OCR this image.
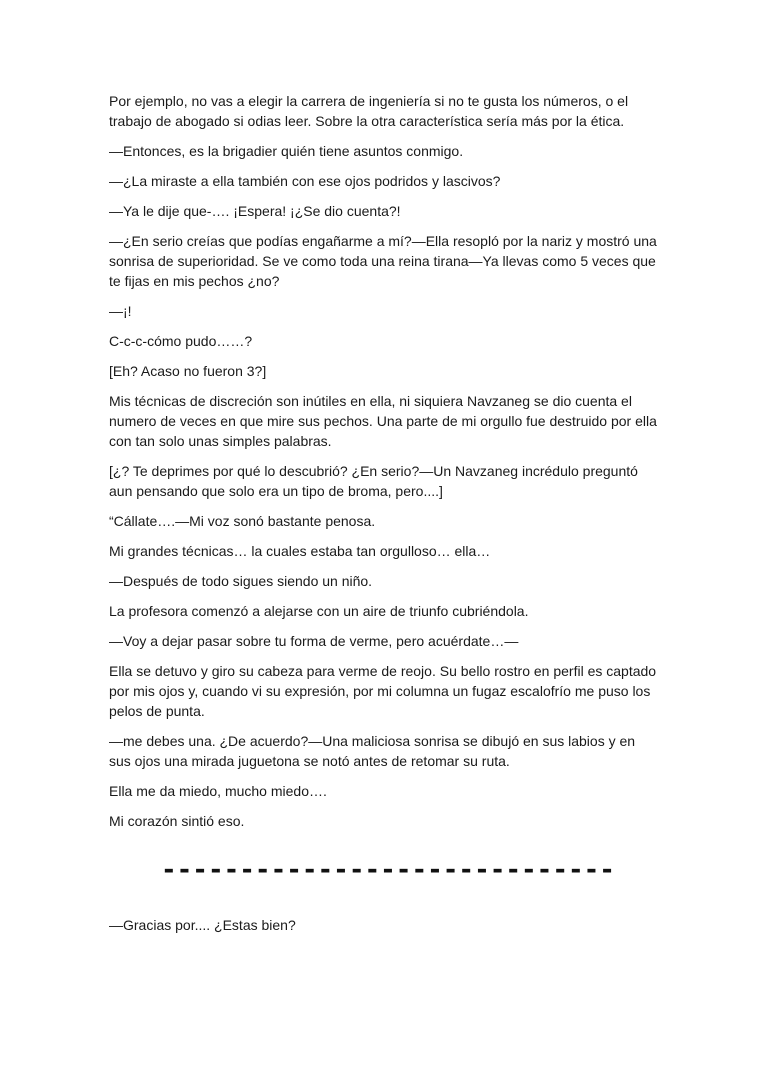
Por ejemplo, no vas a elegir la carrera de ingeniería si no te gusta los números, o el trabajo de abogado si odias leer. Sobre la otra característica sería más por la ética.

—Entonces, es la brigadier quién tiene asuntos conmigo.

—¿La miraste a ella también con ese ojos podridos y lascivos?

—Ya le dije que-…. ¡Espera! ¡¿Se dio cuenta?!

—¿En serio creías que podías engañarme a mí?—Ella resopló por la nariz y mostró una sonrisa de superioridad. Se ve como toda una reina tirana—Ya llevas como 5 veces que te fijas en mis pechos ¿no?

—¡!

C-c-c-cómo pudo……?

[Eh? Acaso no fueron 3?]

Mis técnicas de discreción son inútiles en ella, ni siquiera Navzaneg se dio cuenta el numero de veces en que mire sus pechos. Una parte de mi orgullo fue destruido por ella con tan solo unas simples palabras.

[¿? Te deprimes por qué lo descubrió? ¿En serio?—Un Navzaneg incrédulo preguntó aun pensando que solo era un tipo de broma, pero....]

“Cállate….—Mi voz sonó bastante penosa.

Mi grandes técnicas… la cuales estaba tan orgulloso… ella…

—Después de todo sigues siendo un niño.

La profesora comenzó a alejarse con un aire de triunfo cubriéndola.

—Voy a dejar pasar sobre tu forma de verme, pero acuérdate…—

Ella se detuvo y giro su cabeza para verme de reojo. Su bello rostro en perfil es captado por mis ojos y, cuando vi su expresión, por mi columna un fugaz escalofrío me puso los pelos de punta.

—me debes una. ¿De acuerdo?—Una maliciosa sonrisa se dibujó en sus labios y en sus ojos una mirada juguetona se notó antes de retomar su ruta.

Ella me da miedo, mucho miedo….

Mi corazón sintió eso.

-----------------------------

—Gracias por.... ¿Estas bien?
